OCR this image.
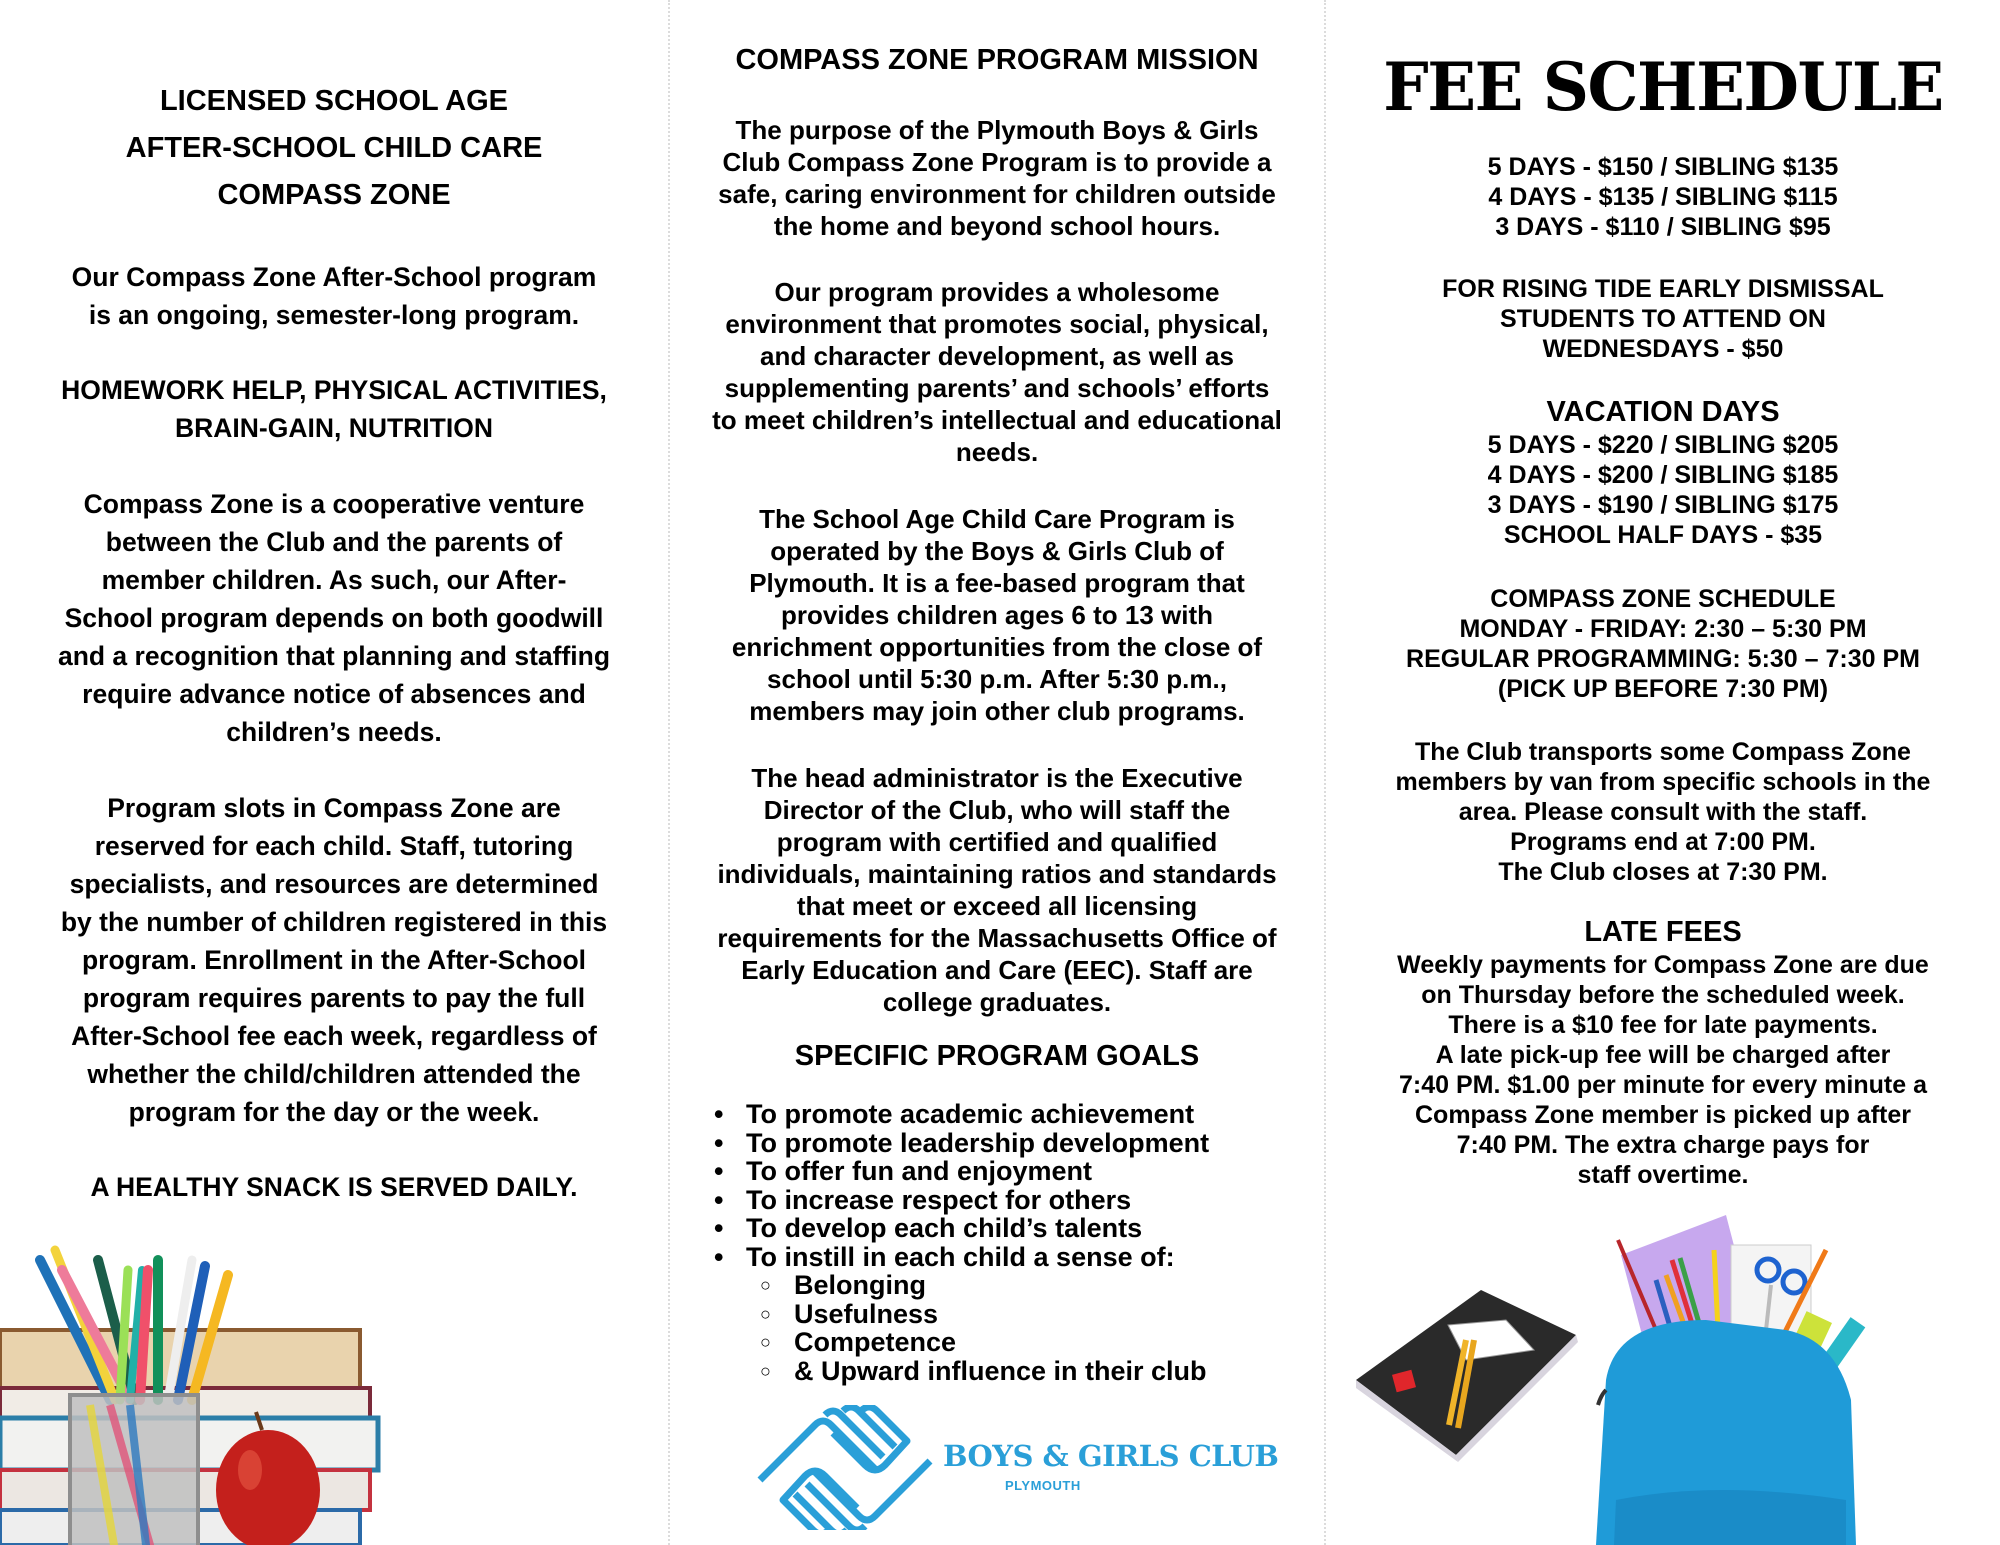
LICENSED SCHOOL AGE
AFTER-SCHOOL CHILD CARE
COMPASS ZONE
Our Compass Zone After-School program
is an ongoing, semester-long program.
HOMEWORK HELP, PHYSICAL ACTIVITIES,
BRAIN-GAIN, NUTRITION
Compass Zone is a cooperative venture
between the Club and the parents of
member children. As such, our After-
School program depends on both goodwill
and a recognition that planning and staffing
require advance notice of absences and
children’s needs.
Program slots in Compass Zone are
reserved for each child. Staff, tutoring
specialists, and resources are determined
by the number of children registered in this
program. Enrollment in the After-School
program requires parents to pay the full
After-School fee each week, regardless of
whether the child/children attended the
program for the day or the week.
A HEALTHY SNACK IS SERVED DAILY.
COMPASS ZONE PROGRAM MISSION
The purpose of the Plymouth Boys & Girls
Club Compass Zone Program is to provide a
safe, caring environment for children outside
the home and beyond school hours.
Our program provides a wholesome
environment that promotes social, physical,
and character development, as well as
supplementing parents’ and schools’ efforts
to meet children’s intellectual and educational
needs.
The School Age Child Care Program is
operated by the Boys & Girls Club of
Plymouth. It is a fee-based program that
provides children ages 6 to 13 with
enrichment opportunities from the close of
school until 5:30 p.m. After 5:30 p.m.,
members may join other club programs.
The head administrator is the Executive
Director of the Club, who will staff the
program with certified and qualified
individuals, maintaining ratios and standards
that meet or exceed all licensing
requirements for the Massachusetts Office of
Early Education and Care (EEC). Staff are
college graduates.
SPECIFIC PROGRAM GOALS
• To promote academic achievement
• To promote leadership development
• To offer fun and enjoyment
• To increase respect for others
• To develop each child’s talents
• To instill in each child a sense of:
○ Belonging
○ Usefulness
○ Competence
○ & Upward influence in their club
BOYS & GIRLS CLUB
PLYMOUTH
FEE SCHEDULE
5 DAYS - $150 / SIBLING $135
4 DAYS - $135 / SIBLING $115
3 DAYS - $110 / SIBLING $95
FOR RISING TIDE EARLY DISMISSAL
STUDENTS TO ATTEND ON
WEDNESDAYS - $50
VACATION DAYS
5 DAYS - $220 / SIBLING $205
4 DAYS - $200 / SIBLING $185
3 DAYS - $190 / SIBLING $175
SCHOOL HALF DAYS - $35
COMPASS ZONE SCHEDULE
MONDAY - FRIDAY: 2:30 – 5:30 PM
REGULAR PROGRAMMING: 5:30 – 7:30 PM
(PICK UP BEFORE 7:30 PM)
The Club transports some Compass Zone
members by van from specific schools in the
area. Please consult with the staff.
Programs end at 7:00 PM.
The Club closes at 7:30 PM.
LATE FEES
Weekly payments for Compass Zone are due
on Thursday before the scheduled week.
There is a $10 fee for late payments.
A late pick-up fee will be charged after
7:40 PM. $1.00 per minute for every minute a
Compass Zone member is picked up after
7:40 PM. The extra charge pays for
staff overtime.
